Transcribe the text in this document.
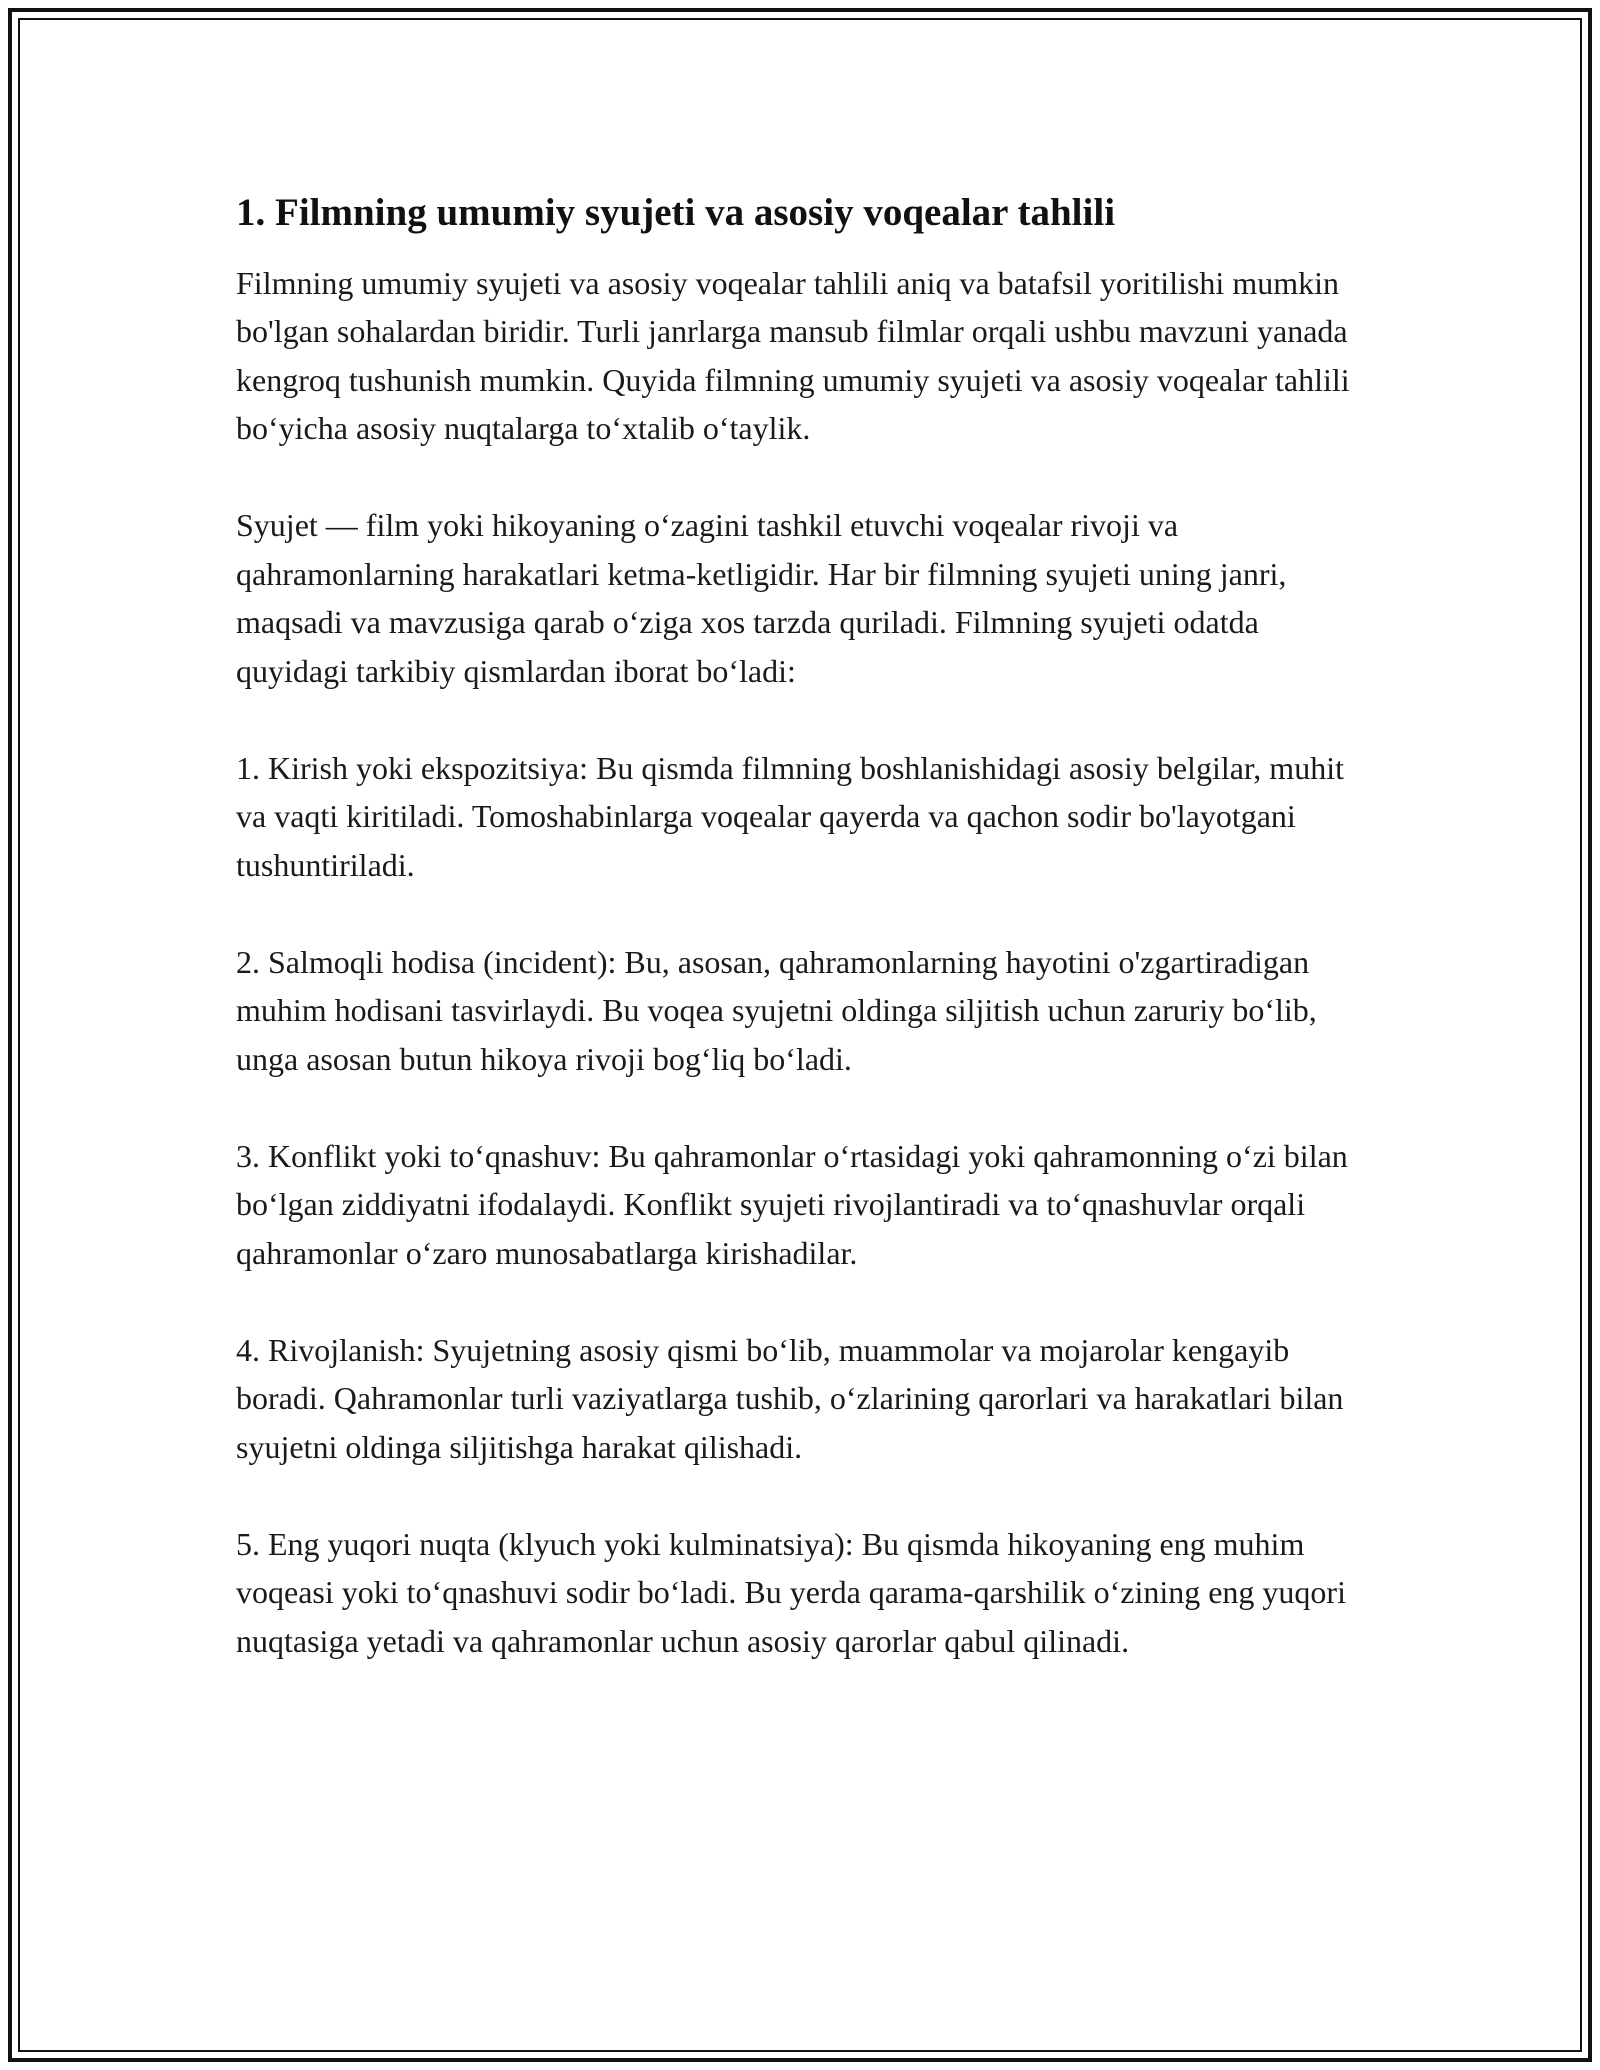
1. Filmning umumiy syujeti va asosiy voqealar tahlili

Filmning umumiy syujeti va asosiy voqealar tahlili aniq va batafsil yoritilishi mumkin bo'lgan sohalardan biridir. Turli janrlarga mansub filmlar orqali ushbu mavzuni yanada kengroq tushunish mumkin. Quyida filmning umumiy syujeti va asosiy voqealar tahlili bo‘yicha asosiy nuqtalarga to‘xtalib o‘taylik.

Syujet — film yoki hikoyaning o‘zagini tashkil etuvchi voqealar rivoji va qahramonlarning harakatlari ketma-ketligidir. Har bir filmning syujeti uning janri, maqsadi va mavzusiga qarab o‘ziga xos tarzda quriladi. Filmning syujeti odatda quyidagi tarkibiy qismlardan iborat bo‘ladi:

1. Kirish yoki ekspozitsiya: Bu qismda filmning boshlanishidagi asosiy belgilar, muhit va vaqti kiritiladi. Tomoshabinlarga voqealar qayerda va qachon sodir bo'layotgani tushuntiriladi.

2. Salmoqli hodisa (incident): Bu, asosan, qahramonlarning hayotini o'zgartiradigan muhim hodisani tasvirlaydi. Bu voqea syujetni oldinga siljitish uchun zaruriy bo‘lib, unga asosan butun hikoya rivoji bog‘liq bo‘ladi.

3. Konflikt yoki to‘qnashuv: Bu qahramonlar o‘rtasidagi yoki qahramonning o‘zi bilan bo‘lgan ziddiyatni ifodalaydi. Konflikt syujeti rivojlantiradi va to‘qnashuvlar orqali qahramonlar o‘zaro munosabatlarga kirishadilar.

4. Rivojlanish: Syujetning asosiy qismi bo‘lib, muammolar va mojarolar kengayib boradi. Qahramonlar turli vaziyatlarga tushib, o‘zlarining qarorlari va harakatlari bilan syujetni oldinga siljitishga harakat qilishadi.

5. Eng yuqori nuqta (klyuch yoki kulminatsiya): Bu qismda hikoyaning eng muhim voqeasi yoki to‘qnashuvi sodir bo‘ladi. Bu yerda qarama-qarshilik o‘zining eng yuqori nuqtasiga yetadi va qahramonlar uchun asosiy qarorlar qabul qilinadi.
